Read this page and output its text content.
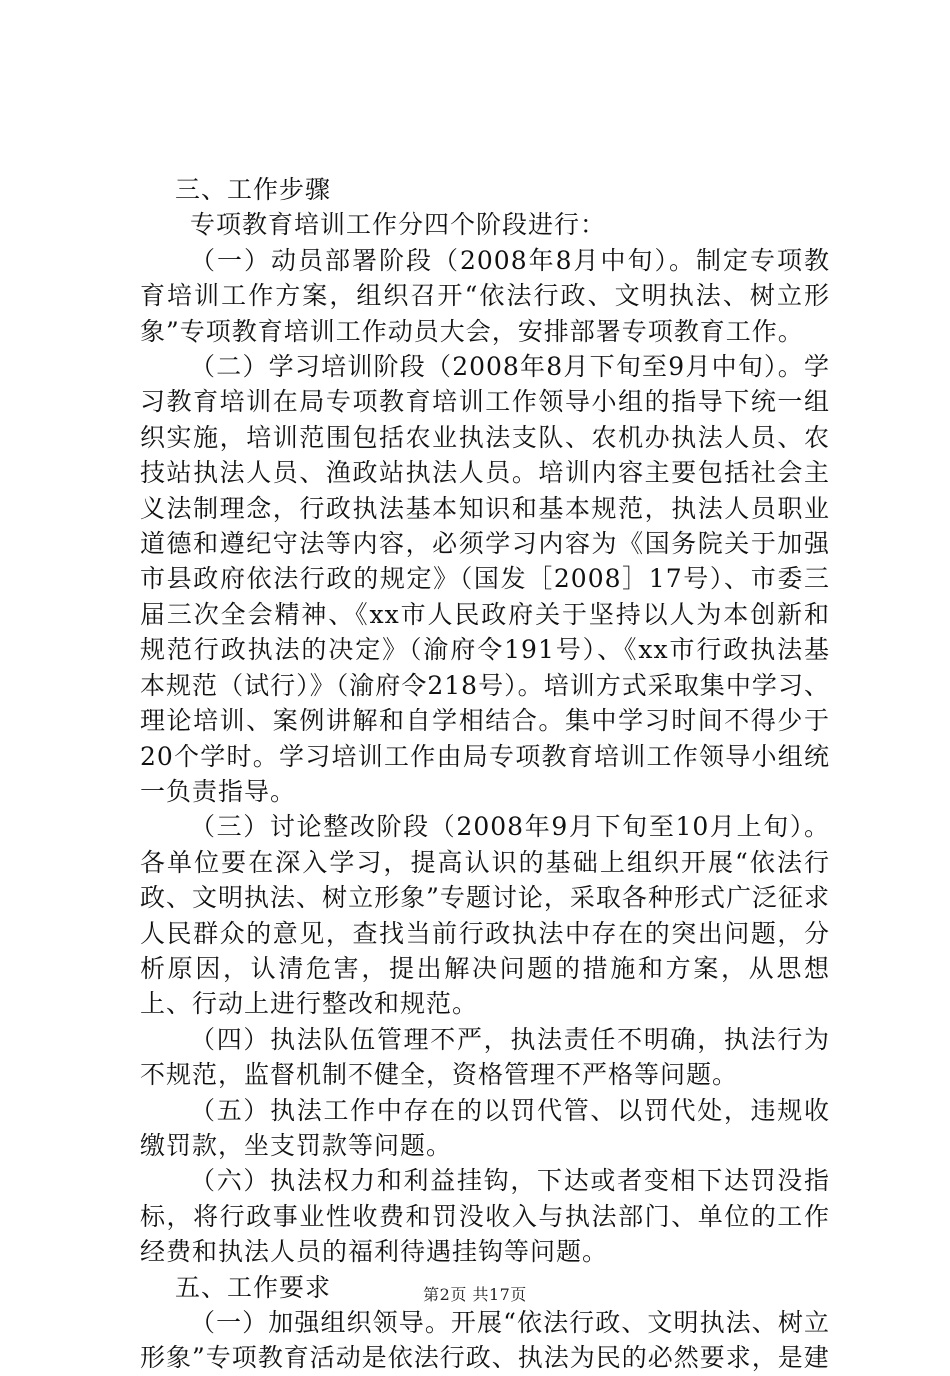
三、工作步骤

专项教育培训工作分四个阶段进行：

（一）动员部署阶段（2008年8月中旬）。制定专项教育培训工作方案，组织召开“依法行政、文明执法、树立形象”专项教育培训工作动员大会，安排部署专项教育工作。

（二）学习培训阶段（2008年8月下旬至9月中旬）。学习教育培训在局专项教育培训工作领导小组的指导下统一组织实施，培训范围包括农业执法支队、农机办执法人员、农技站执法人员、渔政站执法人员。培训内容主要包括社会主义法制理念，行政执法基本知识和基本规范，执法人员职业道德和遵纪守法等内容，必须学习内容为《国务院关于加强市县政府依法行政的规定》（国发［2008］17号）、市委三届三次全会精神、《xx市人民政府关于坚持以人为本创新和规范行政执法的决定》（渝府令191号）、《xx市行政执法基本规范（试行）》（渝府令218号）。培训方式采取集中学习、理论培训、案例讲解和自学相结合。集中学习时间不得少于20个学时。学习培训工作由局专项教育培训工作领导小组统一负责指导。

（三）讨论整改阶段（2008年9月下旬至10月上旬）。各单位要在深入学习，提高认识的基础上组织开展“依法行政、文明执法、树立形象”专题讨论，采取各种形式广泛征求人民群众的意见，查找当前行政执法中存在的突出问题，分析原因，认清危害，提出解决问题的措施和方案，从思想上、行动上进行整改和规范。

（四）执法队伍管理不严，执法责任不明确，执法行为不规范，监督机制不健全，资格管理不严格等问题。

（五）执法工作中存在的以罚代管、以罚代处，违规收缴罚款，坐支罚款等问题。

（六）执法权力和利益挂钩，下达或者变相下达罚没指标，将行政事业性收费和罚没收入与执法部门、单位的工作经费和执法人员的福利待遇挂钩等问题。

五、工作要求

（一）加强组织领导。开展“依法行政、文明执法、树立形象”专项教育活动是依法行政、执法为民的必然要求，是建

第2页 共17页
